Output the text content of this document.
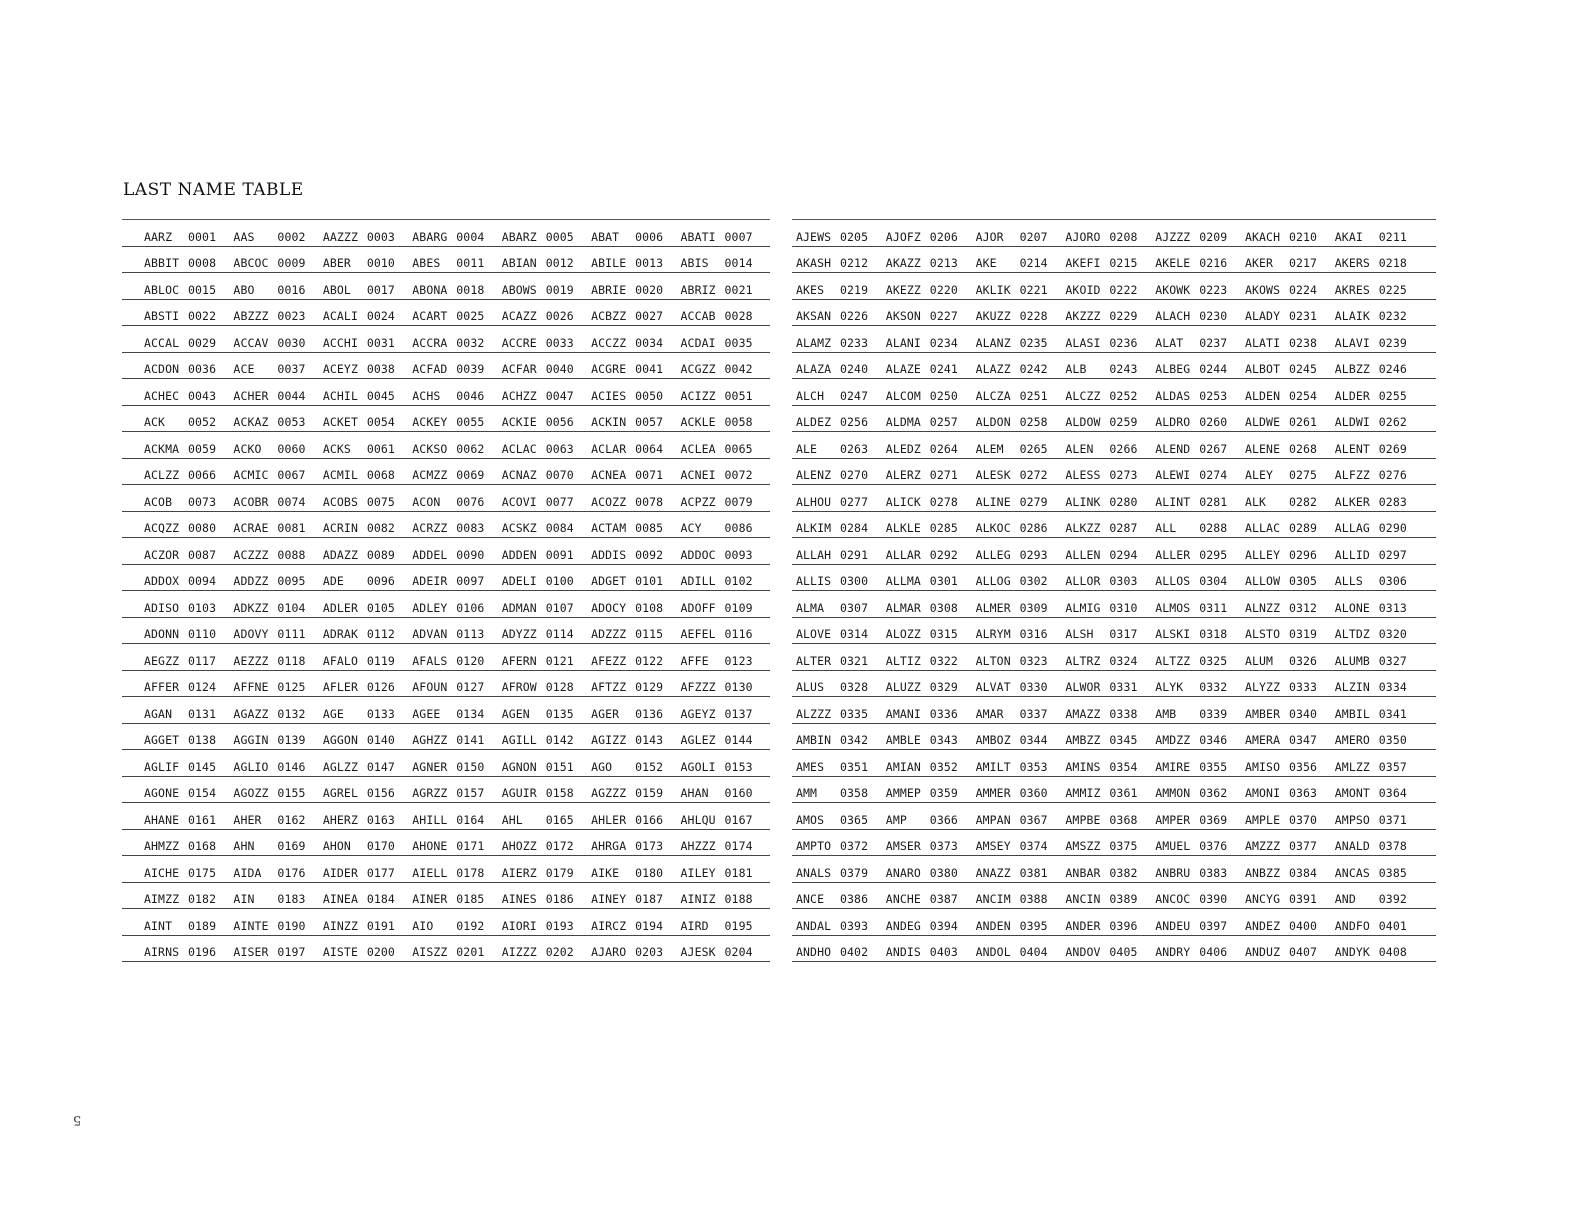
LAST NAME TABLE
AARZ 0001	AAS 0002	AAZZZ 0003	ABARG 0004	ABARZ 0005	ABAT 0006	ABATI 0007
ABBIT 0008	ABCOC 0009	ABER 0010	ABES 0011	ABIAN 0012	ABILE 0013	ABIS 0014
ABLOC 0015	ABO 0016	ABOL 0017	ABONA 0018	ABOWS 0019	ABRIE 0020	ABRIZ 0021
ABSTI 0022	ABZZZ 0023	ACALI 0024	ACART 0025	ACAZZ 0026	ACBZZ 0027	ACCAB 0028
ACCAL 0029	ACCAV 0030	ACCHI 0031	ACCRA 0032	ACCRE 0033	ACCZZ 0034	ACDAI 0035
ACDON 0036	ACE 0037	ACEYZ 0038	ACFAD 0039	ACFAR 0040	ACGRE 0041	ACGZZ 0042
ACHEC 0043	ACHER 0044	ACHIL 0045	ACHS 0046	ACHZZ 0047	ACIES 0050	ACIZZ 0051
ACK 0052	ACKAZ 0053	ACKET 0054	ACKEY 0055	ACKIE 0056	ACKIN 0057	ACKLE 0058
ACKMA 0059	ACKO 0060	ACKS 0061	ACKSO 0062	ACLAC 0063	ACLAR 0064	ACLEA 0065
ACLZZ 0066	ACMIC 0067	ACMIL 0068	ACMZZ 0069	ACNAZ 0070	ACNEA 0071	ACNEI 0072
ACOB 0073	ACOBR 0074	ACOBS 0075	ACON 0076	ACOVI 0077	ACOZZ 0078	ACPZZ 0079
ACQZZ 0080	ACRAE 0081	ACRIN 0082	ACRZZ 0083	ACSKZ 0084	ACTAM 0085	ACY 0086
ACZOR 0087	ACZZZ 0088	ADAZZ 0089	ADDEL 0090	ADDEN 0091	ADDIS 0092	ADDOC 0093
ADDOX 0094	ADDZZ 0095	ADE 0096	ADEIR 0097	ADELI 0100	ADGET 0101	ADILL 0102
ADISO 0103	ADKZZ 0104	ADLER 0105	ADLEY 0106	ADMAN 0107	ADOCY 0108	ADOFF 0109
ADONN 0110	ADOVY 0111	ADRAK 0112	ADVAN 0113	ADYZZ 0114	ADZZZ 0115	AEFEL 0116
AEGZZ 0117	AEZZZ 0118	AFALO 0119	AFALS 0120	AFERN 0121	AFEZZ 0122	AFFE 0123
AFFER 0124	AFFNE 0125	AFLER 0126	AFOUN 0127	AFROW 0128	AFTZZ 0129	AFZZZ 0130
AGAN 0131	AGAZZ 0132	AGE 0133	AGEE 0134	AGEN 0135	AGER 0136	AGEYZ 0137
AGGET 0138	AGGIN 0139	AGGON 0140	AGHZZ 0141	AGILL 0142	AGIZZ 0143	AGLEZ 0144
AGLIF 0145	AGLIO 0146	AGLZZ 0147	AGNER 0150	AGNON 0151	AGO 0152	AGOLI 0153
AGONE 0154	AGOZZ 0155	AGREL 0156	AGRZZ 0157	AGUIR 0158	AGZZZ 0159	AHAN 0160
AHANE 0161	AHER 0162	AHERZ 0163	AHILL 0164	AHL 0165	AHLER 0166	AHLQU 0167
AHMZZ 0168	AHN 0169	AHON 0170	AHONE 0171	AHOZZ 0172	AHRGA 0173	AHZZZ 0174
AICHE 0175	AIDA 0176	AIDER 0177	AIELL 0178	AIERZ 0179	AIKE 0180	AILEY 0181
AIMZZ 0182	AIN 0183	AINEA 0184	AINER 0185	AINES 0186	AINEY 0187	AINIZ 0188
AINT 0189	AINTE 0190	AINZZ 0191	AIO 0192	AIORI 0193	AIRCZ 0194	AIRD 0195
AIRNS 0196	AISER 0197	AISTE 0200	AISZZ 0201	AIZZZ 0202	AJARO 0203	AJESK 0204
AJEWS 0205	AJOFZ 0206	AJOR 0207	AJORO 0208	AJZZZ 0209	AKACH 0210	AKAI 0211
AKASH 0212	AKAZZ 0213	AKE 0214	AKEFI 0215	AKELE 0216	AKER 0217	AKERS 0218
AKES 0219	AKEZZ 0220	AKLIK 0221	AKOID 0222	AKOWK 0223	AKOWS 0224	AKRES 0225
AKSAN 0226	AKSON 0227	AKUZZ 0228	AKZZZ 0229	ALACH 0230	ALADY 0231	ALAIK 0232
ALAMZ 0233	ALANI 0234	ALANZ 0235	ALASI 0236	ALAT 0237	ALATI 0238	ALAVI 0239
ALAZA 0240	ALAZE 0241	ALAZZ 0242	ALB 0243	ALBEG 0244	ALBOT 0245	ALBZZ 0246
ALCH 0247	ALCOM 0250	ALCZA 0251	ALCZZ 0252	ALDAS 0253	ALDEN 0254	ALDER 0255
ALDEZ 0256	ALDMA 0257	ALDON 0258	ALDOW 0259	ALDRO 0260	ALDWE 0261	ALDWI 0262
ALE 0263	ALEDZ 0264	ALEM 0265	ALEN 0266	ALEND 0267	ALENE 0268	ALENT 0269
ALENZ 0270	ALERZ 0271	ALESK 0272	ALESS 0273	ALEWI 0274	ALEY 0275	ALFZZ 0276
ALHOU 0277	ALICK 0278	ALINE 0279	ALINK 0280	ALINT 0281	ALK 0282	ALKER 0283
ALKIM 0284	ALKLE 0285	ALKOC 0286	ALKZZ 0287	ALL 0288	ALLAC 0289	ALLAG 0290
ALLAH 0291	ALLAR 0292	ALLEG 0293	ALLEN 0294	ALLER 0295	ALLEY 0296	ALLID 0297
ALLIS 0300	ALLMA 0301	ALLOG 0302	ALLOR 0303	ALLOS 0304	ALLOW 0305	ALLS 0306
ALMA 0307	ALMAR 0308	ALMER 0309	ALMIG 0310	ALMOS 0311	ALNZZ 0312	ALONE 0313
ALOVE 0314	ALOZZ 0315	ALRYM 0316	ALSH 0317	ALSKI 0318	ALSTO 0319	ALTDZ 0320
ALTER 0321	ALTIZ 0322	ALTON 0323	ALTRZ 0324	ALTZZ 0325	ALUM 0326	ALUMB 0327
ALUS 0328	ALUZZ 0329	ALVAT 0330	ALWOR 0331	ALYK 0332	ALYZZ 0333	ALZIN 0334
ALZZZ 0335	AMANI 0336	AMAR 0337	AMAZZ 0338	AMB 0339	AMBER 0340	AMBIL 0341
AMBIN 0342	AMBLE 0343	AMBOZ 0344	AMBZZ 0345	AMDZZ 0346	AMERA 0347	AMERO 0350
AMES 0351	AMIAN 0352	AMILT 0353	AMINS 0354	AMIRE 0355	AMISO 0356	AMLZZ 0357
AMM 0358	AMMEP 0359	AMMER 0360	AMMIZ 0361	AMMON 0362	AMONI 0363	AMONT 0364
AMOS 0365	AMP 0366	AMPAN 0367	AMPBE 0368	AMPER 0369	AMPLE 0370	AMPSO 0371
AMPTO 0372	AMSER 0373	AMSEY 0374	AMSZZ 0375	AMUEL 0376	AMZZZ 0377	ANALD 0378
ANALS 0379	ANARO 0380	ANAZZ 0381	ANBAR 0382	ANBRU 0383	ANBZZ 0384	ANCAS 0385
ANCE 0386	ANCHE 0387	ANCIM 0388	ANCIN 0389	ANCOC 0390	ANCYG 0391	AND 0392
ANDAL 0393	ANDEG 0394	ANDEN 0395	ANDER 0396	ANDEU 0397	ANDEZ 0400	ANDFO 0401
ANDHO 0402	ANDIS 0403	ANDOL 0404	ANDOV 0405	ANDRY 0406	ANDUZ 0407	ANDYK 0408
5
